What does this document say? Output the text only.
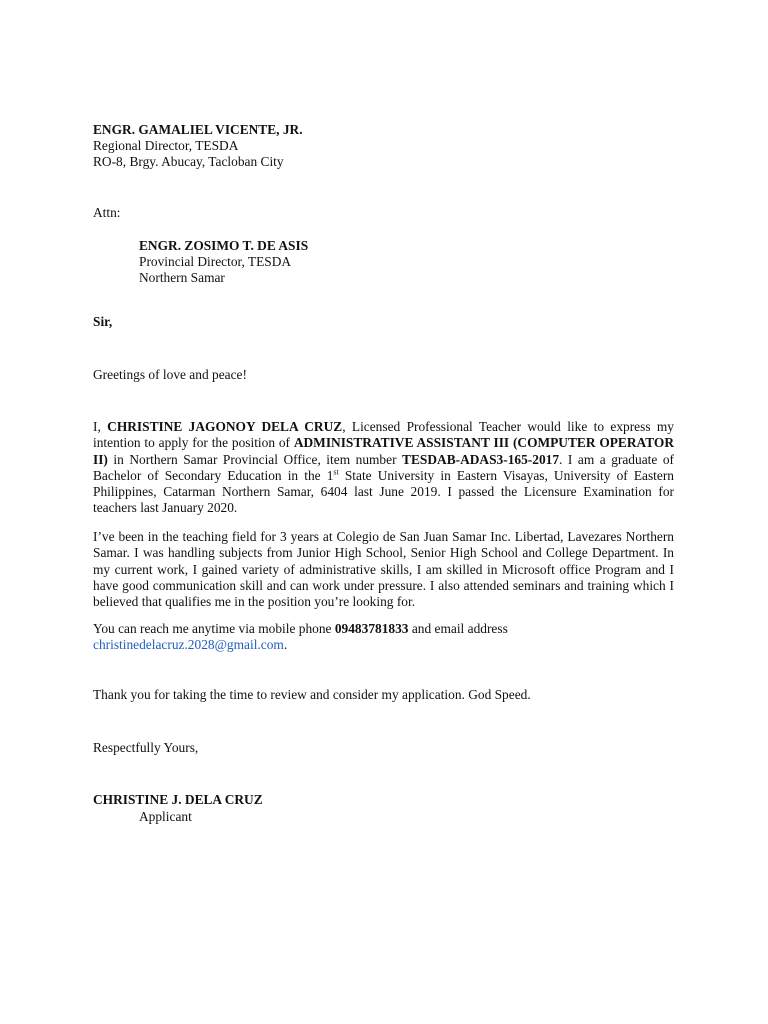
ENGR. GAMALIEL VICENTE, JR.
Regional Director, TESDA
RO-8, Brgy. Abucay, Tacloban City
Attn:
ENGR. ZOSIMO T. DE ASIS
Provincial Director, TESDA
Northern Samar
Sir,
Greetings of love and peace!
I, CHRISTINE JAGONOY DELA CRUZ, Licensed Professional Teacher would like to express my intention to apply for the position of ADMINISTRATIVE ASSISTANT III (COMPUTER OPERATOR II) in Northern Samar Provincial Office, item number TESDAB-ADAS3-165-2017. I am a graduate of Bachelor of Secondary Education in the 1st State University in Eastern Visayas, University of Eastern Philippines, Catarman Northern Samar, 6404 last June 2019. I passed the Licensure Examination for teachers last January 2020.
I’ve been in the teaching field for 3 years at Colegio de San Juan Samar Inc. Libertad, Lavezares Northern Samar. I was handling subjects from Junior High School, Senior High School and College Department. In my current work, I gained variety of administrative skills, I am skilled in Microsoft office Program and I have good communication skill and can work under pressure. I also attended seminars and training which I believed that qualifies me in the position you’re looking for.
You can reach me anytime via mobile phone 09483781833 and email address
christinedelacruz.2028@gmail.com.
Thank you for taking the time to review and consider my application. God Speed.
Respectfully Yours,
CHRISTINE J. DELA CRUZ
Applicant
